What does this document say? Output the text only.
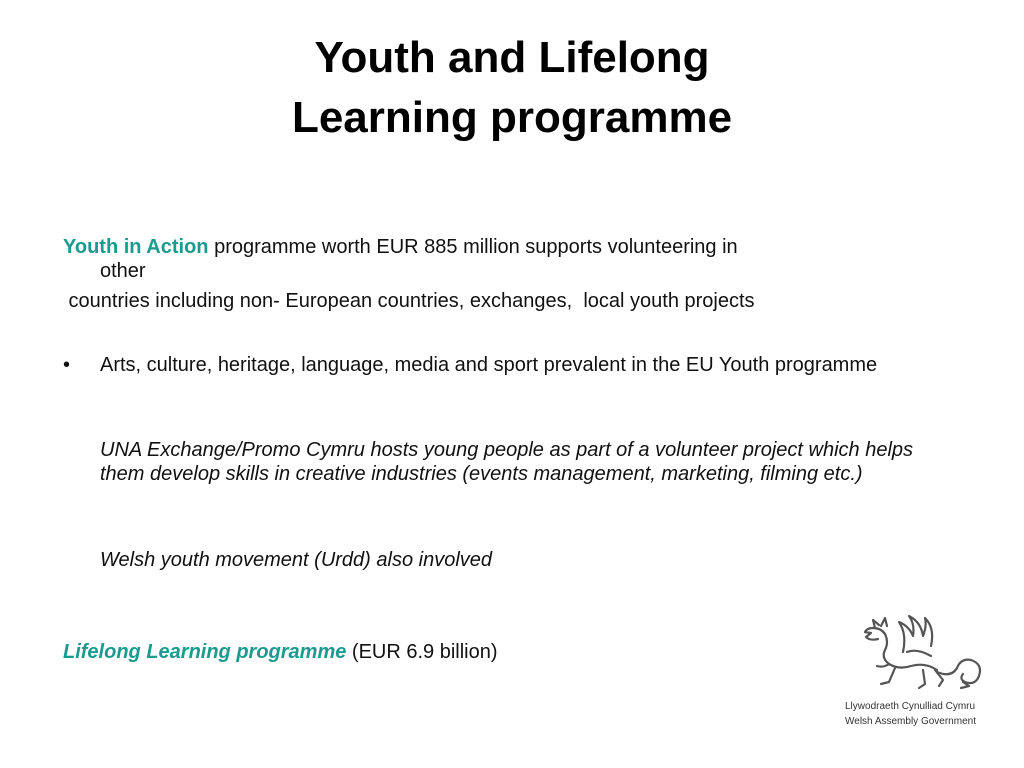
Youth and Lifelong
Learning programme
Youth in Action programme worth EUR 885 million supports volunteering in
other
countries including non- European countries, exchanges,  local youth projects
• Arts, culture, heritage, language, media and sport prevalent in the EU Youth programme
UNA Exchange/Promo Cymru hosts young people as part of a volunteer project which helps them develop skills in creative industries (events management, marketing, filming etc.)
Welsh youth movement (Urdd) also involved
Lifelong Learning programme (EUR 6.9 billion)
Llywodraeth Cynulliad Cymru
Welsh Assembly Government
